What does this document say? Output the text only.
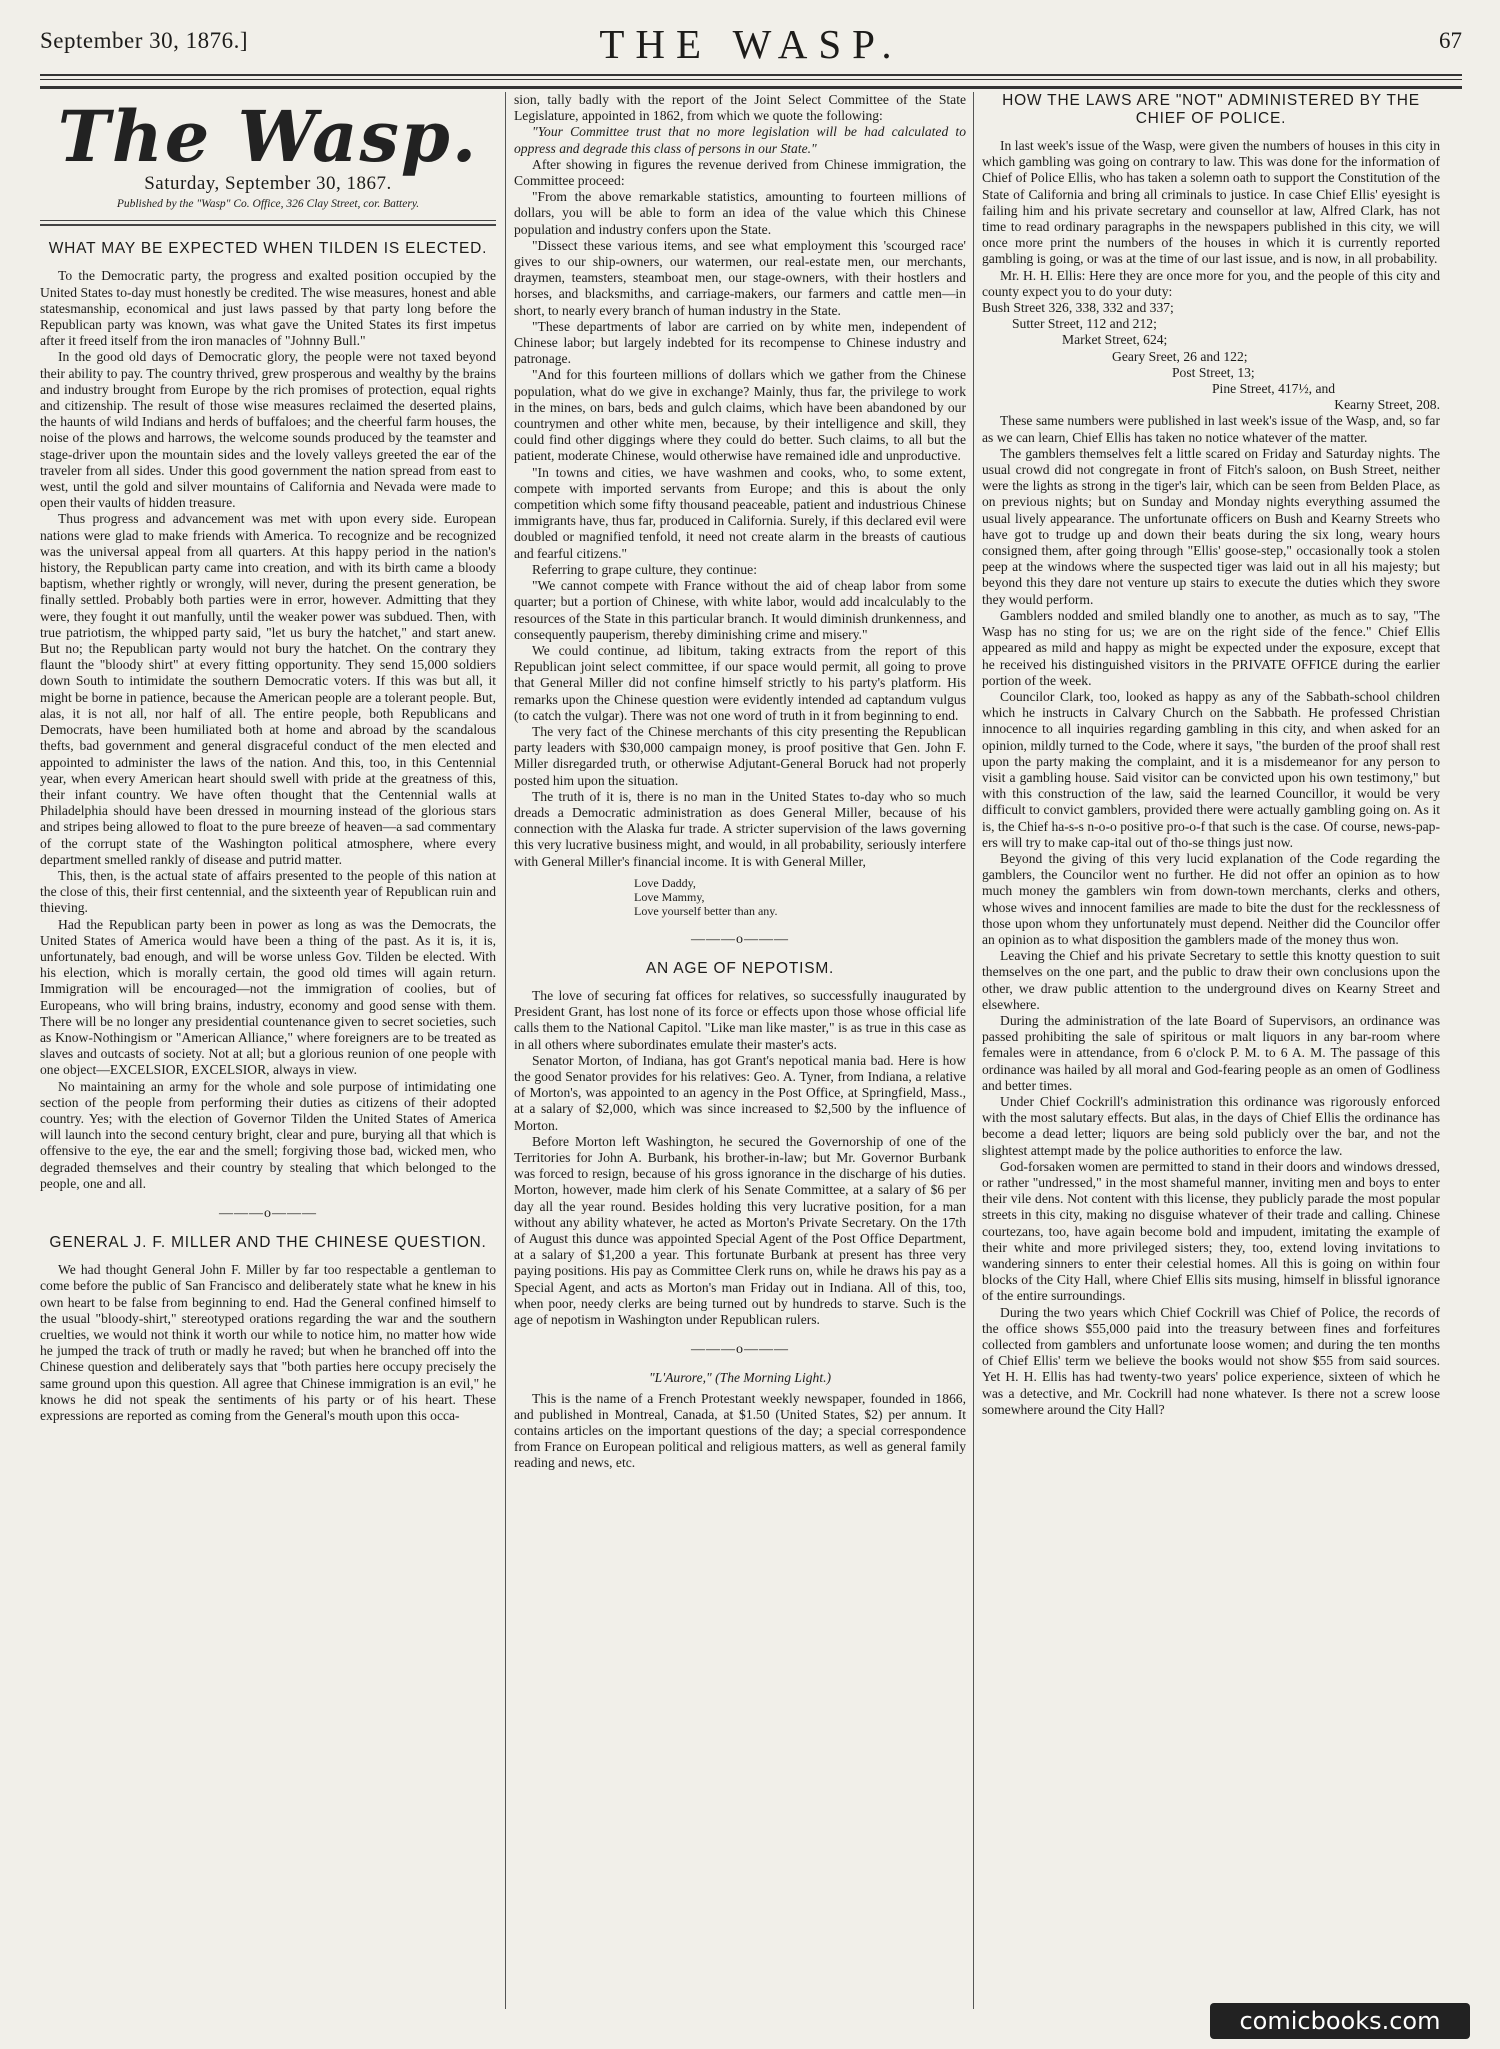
September 30, 1876.]	THE WASP.	67
The Wasp.
Saturday, September 30, 1867.
Published by the "Wasp" Co. Office, 326 Clay Street, cor. Battery.
WHAT MAY BE EXPECTED WHEN TILDEN IS ELECTED.

To the Democratic party, the progress and exalted position occupied by the United States to-day must honestly be credited. The wise measures, honest and able statesmanship, economical and just laws passed by that party long before the Republican party was known, was what gave the United States its first impetus after it freed itself from the iron manacles of "Johnny Bull."

In the good old days of Democratic glory, the people were not taxed beyond their ability to pay. The country thrived, grew prosperous and wealthy by the brains and industry brought from Europe by the rich promises of protection, equal rights and citizenship. The result of those wise measures reclaimed the deserted plains, the haunts of wild Indians and herds of buffaloes; and the cheerful farm houses, the noise of the plows and harrows, the welcome sounds produced by the teamster and stage-driver upon the mountain sides and the lovely valleys greeted the ear of the traveler from all sides. Under this good government the nation spread from east to west, until the gold and silver mountains of California and Nevada were made to open their vaults of hidden treasure.

Thus progress and advancement was met with upon every side. European nations were glad to make friends with America. To recognize and be recognized was the universal appeal from all quarters. At this happy period in the nation's history, the Republican party came into creation, and with its birth came a bloody baptism, whether rightly or wrongly, will never, during the present generation, be finally settled. Probably both parties were in error, however. Admitting that they were, they fought it out manfully, until the weaker power was subdued. Then, with true patriotism, the whipped party said, "let us bury the hatchet," and start anew. But no; the Republican party would not bury the hatchet. On the contrary they flaunt the "bloody shirt" at every fitting opportunity. They send 15,000 soldiers down South to intimidate the southern Democratic voters. If this was but all, it might be borne in patience, because the American people are a tolerant people. But, alas, it is not all, nor half of all. The entire people, both Republicans and Democrats, have been humiliated both at home and abroad by the scandalous thefts, bad government and general disgraceful conduct of the men elected and appointed to administer the laws of the nation. And this, too, in this Centennial year, when every American heart should swell with pride at the greatness of this, their infant country. We have often thought that the Centennial walls at Philadelphia should have been dressed in mourning instead of the glorious stars and stripes being allowed to float to the pure breeze of heaven—a sad commentary of the corrupt state of the Washington political atmosphere, where every department smelled rankly of disease and putrid matter.

This, then, is the actual state of affairs presented to the people of this nation at the close of this, their first centennial, and the sixteenth year of Republican ruin and thieving.

Had the Republican party been in power as long as was the Democrats, the United States of America would have been a thing of the past. As it is, it is, unfortunately, bad enough, and will be worse unless Gov. Tilden be elected. With his election, which is morally certain, the good old times will again return. Immigration will be encouraged—not the immigration of coolies, but of Europeans, who will bring brains, industry, economy and good sense with them. There will be no longer any presidential countenance given to secret societies, such as Know-Nothingism or "American Alliance," where foreigners are to be treated as slaves and outcasts of society. Not at all; but a glorious reunion of one people with one object—EXCELSIOR, EXCELSIOR, always in view.

No maintaining an army for the whole and sole purpose of intimidating one section of the people from performing their duties as citizens of their adopted country. Yes; with the election of Governor Tilden the United States of America will launch into the second century bright, clear and pure, burying all that which is offensive to the eye, the ear and the smell; forgiving those bad, wicked men, who degraded themselves and their country by stealing that which belonged to the people, one and all.

———o———
GENERAL J. F. MILLER AND THE CHINESE QUESTION.

We had thought General John F. Miller by far too respectable a gentleman to come before the public of San Francisco and deliberately state what he knew in his own heart to be false from beginning to end. Had the General confined himself to the usual "bloody-shirt," stereotyped orations regarding the war and the southern cruelties, we would not think it worth our while to notice him, no matter how wide he jumped the track of truth or madly he raved; but when he branched off into the Chinese question and deliberately says that "both parties here occupy precisely the same ground upon this question. All agree that Chinese immigration is an evil," he knows he did not speak the sentiments of his party or of his heart. These expressions are reported as coming from the General's mouth upon this occa-

sion, tally badly with the report of the Joint Select Committee of the State Legislature, appointed in 1862, from which we quote the following:

"Your Committee trust that no more legislation will be had calculated to oppress and degrade this class of persons in our State."

After showing in figures the revenue derived from Chinese immigration, the Committee proceed:

"From the above remarkable statistics, amounting to fourteen millions of dollars, you will be able to form an idea of the value which this Chinese population and industry confers upon the State.

"Dissect these various items, and see what employment this 'scourged race' gives to our ship-owners, our watermen, our real-estate men, our merchants, draymen, teamsters, steamboat men, our stage-owners, with their hostlers and horses, and blacksmiths, and carriage-makers, our farmers and cattle men—in short, to nearly every branch of human industry in the State.

"These departments of labor are carried on by white men, independent of Chinese labor; but largely indebted for its recompense to Chinese industry and patronage.

"And for this fourteen millions of dollars which we gather from the Chinese population, what do we give in exchange? Mainly, thus far, the privilege to work in the mines, on bars, beds and gulch claims, which have been abandoned by our countrymen and other white men, because, by their intelligence and skill, they could find other diggings where they could do better. Such claims, to all but the patient, moderate Chinese, would otherwise have remained idle and unproductive.

"In towns and cities, we have washmen and cooks, who, to some extent, compete with imported servants from Europe; and this is about the only competition which some fifty thousand peaceable, patient and industrious Chinese immigrants have, thus far, produced in California. Surely, if this declared evil were doubled or magnified tenfold, it need not create alarm in the breasts of cautious and fearful citizens."

Referring to grape culture, they continue:

"We cannot compete with France without the aid of cheap labor from some quarter; but a portion of Chinese, with white labor, would add incalculably to the resources of the State in this particular branch. It would diminish drunkenness, and consequently pauperism, thereby diminishing crime and misery."

We could continue, ad libitum, taking extracts from the report of this Republican joint select committee, if our space would permit, all going to prove that General Miller did not confine himself strictly to his party's platform. His remarks upon the Chinese question were evidently intended ad captandum vulgus (to catch the vulgar). There was not one word of truth in it from beginning to end.

The very fact of the Chinese merchants of this city presenting the Republican party leaders with $30,000 campaign money, is proof positive that Gen. John F. Miller disregarded truth, or otherwise Adjutant-General Boruck had not properly posted him upon the situation.

The truth of it is, there is no man in the United States to-day who so much dreads a Democratic administration as does General Miller, because of his connection with the Alaska fur trade. A stricter supervision of the laws governing this very lucrative business might, and would, in all probability, seriously interfere with General Miller's financial income. It is with General Miller,

Love Daddy,
Love Mammy,
Love yourself better than any.
———o———
AN AGE OF NEPOTISM.

The love of securing fat offices for relatives, so successfully inaugurated by President Grant, has lost none of its force or effects upon those whose official life calls them to the National Capitol. "Like man like master," is as true in this case as in all others where subordinates emulate their master's acts.

Senator Morton, of Indiana, has got Grant's nepotical mania bad. Here is how the good Senator provides for his relatives: Geo. A. Tyner, from Indiana, a relative of Morton's, was appointed to an agency in the Post Office, at Springfield, Mass., at a salary of $2,000, which was since increased to $2,500 by the influence of Morton.

Before Morton left Washington, he secured the Governorship of one of the Territories for John A. Burbank, his brother-in-law; but Mr. Governor Burbank was forced to resign, because of his gross ignorance in the discharge of his duties. Morton, however, made him clerk of his Senate Committee, at a salary of $6 per day all the year round. Besides holding this very lucrative position, for a man without any ability whatever, he acted as Morton's Private Secretary. On the 17th of August this dunce was appointed Special Agent of the Post Office Department, at a salary of $1,200 a year. This fortunate Burbank at present has three very paying positions. His pay as Committee Clerk runs on, while he draws his pay as a Special Agent, and acts as Morton's man Friday out in Indiana. All of this, too, when poor, needy clerks are being turned out by hundreds to starve. Such is the age of nepotism in Washington under Republican rulers.

———o———
"L'Aurore," (The Morning Light.)

This is the name of a French Protestant weekly newspaper, founded in 1866, and published in Montreal, Canada, at $1.50 (United States, $2) per annum. It contains articles on the important questions of the day; a special correspondence from France on European political and religious matters, as well as general family reading and news, etc.

HOW THE LAWS ARE "NOT" ADMINISTERED BY THE CHIEF OF POLICE.

In last week's issue of the Wasp, were given the numbers of houses in this city in which gambling was going on contrary to law. This was done for the information of Chief of Police Ellis, who has taken a solemn oath to support the Constitution of the State of California and bring all criminals to justice. In case Chief Ellis' eyesight is failing him and his private secretary and counsellor at law, Alfred Clark, has not time to read ordinary paragraphs in the newspapers published in this city, we will once more print the numbers of the houses in which it is currently reported gambling is going, or was at the time of our last issue, and is now, in all probability.

Mr. H. H. Ellis: Here they are once more for you, and the people of this city and county expect you to do your duty:

Bush Street 326, 338, 332 and 337;
Sutter Street, 112 and 212;
Market Street, 624;
Geary Sreet, 26 and 122;
Post Street, 13;
Pine Street, 417½, and
Kearny Street, 208.

These same numbers were published in last week's issue of the Wasp, and, so far as we can learn, Chief Ellis has taken no notice whatever of the matter.

The gamblers themselves felt a little scared on Friday and Saturday nights. The usual crowd did not congregate in front of Fitch's saloon, on Bush Street, neither were the lights as strong in the tiger's lair, which can be seen from Belden Place, as on previous nights; but on Sunday and Monday nights everything assumed the usual lively appearance. The unfortunate officers on Bush and Kearny Streets who have got to trudge up and down their beats during the six long, weary hours consigned them, after going through "Ellis' goose-step," occasionally took a stolen peep at the windows where the suspected tiger was laid out in all his majesty; but beyond this they dare not venture up stairs to execute the duties which they swore they would perform.

Gamblers nodded and smiled blandly one to another, as much as to say, "The Wasp has no sting for us; we are on the right side of the fence." Chief Ellis appeared as mild and happy as might be expected under the exposure, except that he received his distinguished visitors in the PRIVATE OFFICE during the earlier portion of the week.

Councilor Clark, too, looked as happy as any of the Sabbath-school children which he instructs in Calvary Church on the Sabbath. He professed Christian innocence to all inquiries regarding gambling in this city, and when asked for an opinion, mildly turned to the Code, where it says, "the burden of the proof shall rest upon the party making the complaint, and it is a misdemeanor for any person to visit a gambling house. Said visitor can be convicted upon his own testimony," but with this construction of the law, said the learned Councillor, it would be very difficult to convict gamblers, provided there were actually gambling going on. As it is, the Chief ha-s-s n-o-o positive pro-o-f that such is the case. Of course, news-pap-ers will try to make cap-ital out of tho-se things just now.

Beyond the giving of this very lucid explanation of the Code regarding the gamblers, the Councilor went no further. He did not offer an opinion as to how much money the gamblers win from down-town merchants, clerks and others, whose wives and innocent families are made to bite the dust for the recklessness of those upon whom they unfortunately must depend. Neither did the Councilor offer an opinion as to what disposition the gamblers made of the money thus won.

Leaving the Chief and his private Secretary to settle this knotty question to suit themselves on the one part, and the public to draw their own conclusions upon the other, we draw public attention to the underground dives on Kearny Street and elsewhere.

During the administration of the late Board of Supervisors, an ordinance was passed prohibiting the sale of spiritous or malt liquors in any bar-room where females were in attendance, from 6 o'clock P. M. to 6 A. M. The passage of this ordinance was hailed by all moral and God-fearing people as an omen of Godliness and better times.

Under Chief Cockrill's administration this ordinance was rigorously enforced with the most salutary effects. But alas, in the days of Chief Ellis the ordinance has become a dead letter; liquors are being sold publicly over the bar, and not the slightest attempt made by the police authorities to enforce the law.

God-forsaken women are permitted to stand in their doors and windows dressed, or rather "undressed," in the most shameful manner, inviting men and boys to enter their vile dens. Not content with this license, they publicly parade the most popular streets in this city, making no disguise whatever of their trade and calling. Chinese courtezans, too, have again become bold and impudent, imitating the example of their white and more privileged sisters; they, too, extend loving invitations to wandering sinners to enter their celestial homes. All this is going on within four blocks of the City Hall, where Chief Ellis sits musing, himself in blissful ignorance of the entire surroundings.

During the two years which Chief Cockrill was Chief of Police, the records of the office shows $55,000 paid into the treasury between fines and forfeitures collected from gamblers and unfortunate loose women; and during the ten months of Chief Ellis' term we believe the books would not show $55 from said sources. Yet H. H. Ellis has had twenty-two years' police experience, sixteen of which he was a detective, and Mr. Cockrill had none whatever. Is there not a screw loose somewhere around the City Hall?

comicbooks.com
